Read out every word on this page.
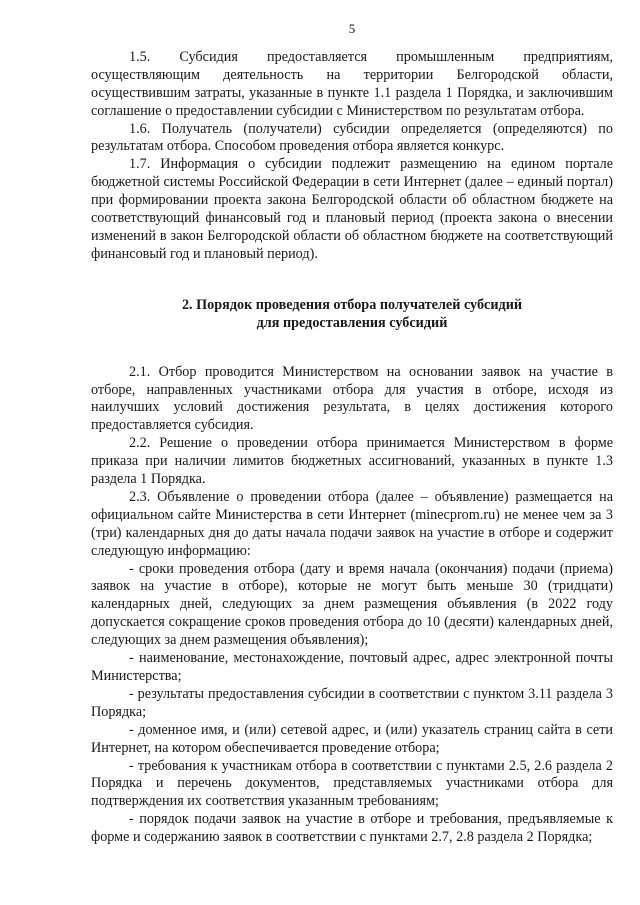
5

1.5. Субсидия предоставляется промышленным предприятиям, осуществляющим деятельность на территории Белгородской области, осуществившим затраты, указанные в пункте 1.1 раздела 1 Порядка, и заключившим соглашение о предоставлении субсидии с Министерством по результатам отбора.

1.6. Получатель (получатели) субсидии определяется (определяются) по результатам отбора. Способом проведения отбора является конкурс.

1.7. Информация о субсидии подлежит размещению на едином портале бюджетной системы Российской Федерации в сети Интернет (далее – единый портал) при формировании проекта закона Белгородской области об областном бюджете на соответствующий финансовый год и плановый период (проекта закона о внесении изменений в закон Белгородской области об областном бюджете на соответствующий финансовый год и плановый период).

2. Порядок проведения отбора получателей субсидий
для предоставления субсидий

2.1. Отбор проводится Министерством на основании заявок на участие в отборе, направленных участниками отбора для участия в отборе, исходя из наилучших условий достижения результата, в целях достижения которого предоставляется субсидия.

2.2. Решение о проведении отбора принимается Министерством в форме приказа при наличии лимитов бюджетных ассигнований, указанных в пункте 1.3 раздела 1 Порядка.

2.3. Объявление о проведении отбора (далее – объявление) размещается на официальном сайте Министерства в сети Интернет (minecprom.ru) не менее чем за 3 (три) календарных дня до даты начала подачи заявок на участие в отборе и содержит следующую информацию:

- сроки проведения отбора (дату и время начала (окончания) подачи (приема) заявок на участие в отборе), которые не могут быть меньше 30 (тридцати) календарных дней, следующих за днем размещения объявления (в 2022 году допускается сокращение сроков проведения отбора до 10 (десяти) календарных дней, следующих за днем размещения объявления);

- наименование, местонахождение, почтовый адрес, адрес электронной почты Министерства;

- результаты предоставления субсидии в соответствии с пунктом 3.11 раздела 3 Порядка;

- доменное имя, и (или) сетевой адрес, и (или) указатель страниц сайта в сети Интернет, на котором обеспечивается проведение отбора;

- требования к участникам отбора в соответствии с пунктами 2.5, 2.6 раздела 2 Порядка и перечень документов, представляемых участниками отбора для подтверждения их соответствия указанным требованиям;

- порядок подачи заявок на участие в отборе и требования, предъявляемые к форме и содержанию заявок в соответствии с пунктами 2.7, 2.8 раздела 2 Порядка;
